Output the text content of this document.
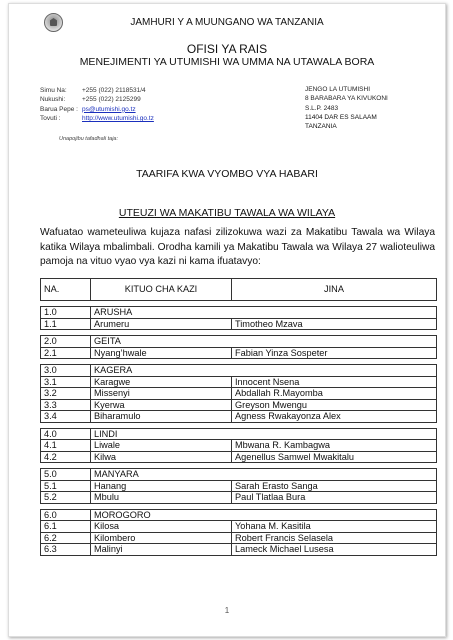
JAMHURI Y A MUUNGANO WA TANZANIA
OFISI YA RAIS
MENEJIMENTI YA UTUMISHI WA UMMA NA UTAWALA BORA
Simu Na: +255 (022) 2118531/4
Nukushi:	+255 (022) 2125299
Barua Pepe : ps@utumishi.go.tz
Tovuti :	http://www.utumishi.go.tz
JENGO LA UTUMISHI
8 BARABARA YA KIVUKONI
S.L.P. 2483
11404 DAR ES SALAAM
TANZANIA
Unapojibu tafadhali taja:
TAARIFA KWA VYOMBO VYA HABARI
UTEUZI WA MAKATIBU TAWALA WA WILAYA
Wafuatao wameteuliwa kujaza nafasi zilizokuwa wazi za Makatibu Tawala wa Wilaya katika Wilaya mbalimbali. Orodha kamili ya Makatibu Tawala wa Wilaya 27 walioteuliwa pamoja na vituo vyao vya kazi ni kama ifuatavyo:
NA.	KITUO CHA KAZI	JINA

1.0	ARUSHA	
1.1	Arumeru	Timotheo Mzava

2.0	GEITA	
2.1	Nyang’hwale	Fabian Yinza Sospeter

3.0	KAGERA	
3.1	Karagwe	Innocent Nsena
3.2	Missenyi	Abdallah R.Mayomba
3.3	Kyerwa	Greyson Mwengu
3.4	Biharamulo	Agness Rwakayonza Alex

4.0	LINDI	
4.1	Liwale	Mbwana R. Kambagwa
4.2	Kilwa	Agenellus Samwel Mwakitalu

5.0	MANYARA	
5.1	Hanang	Sarah Erasto Sanga
5.2	Mbulu	Paul Tlatlaa Bura

6.0	MOROGORO	
6.1	Kilosa	Yohana M. Kasitila
6.2	Kilombero	Robert Francis Selasela
6.3	Malinyi	Lameck Michael Lusesa
1
